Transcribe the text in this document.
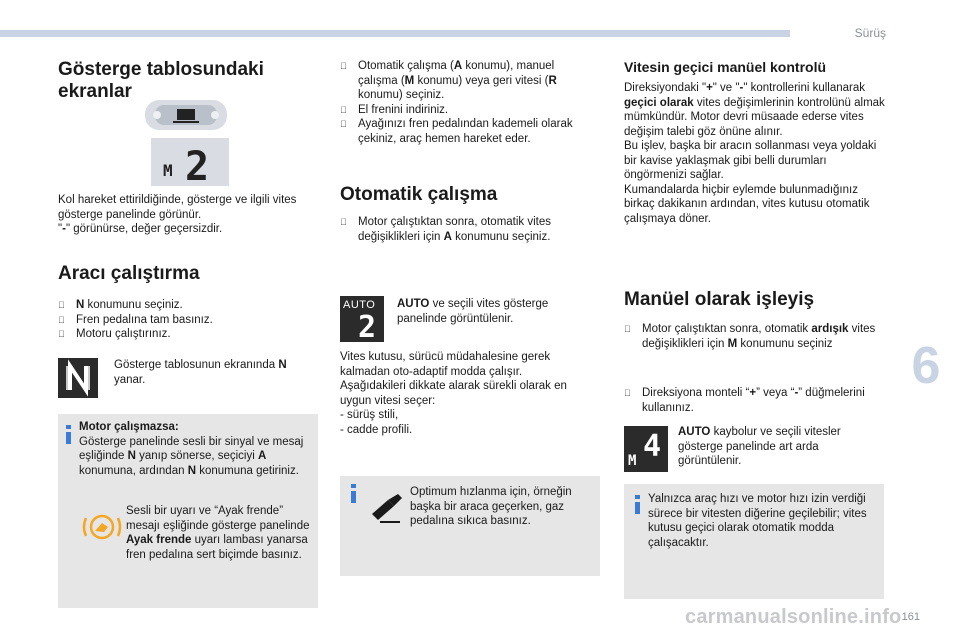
Sürüş
6
Gösterge tablosundaki
ekranlar
M 2
Kol hareket ettirildiğinde, gösterge ve ilgili vites gösterge panelinde görünür.
"-" görünürse, değer geçersizdir.
Aracı çalıştırma
N konumunu seçiniz.
Fren pedalına tam basınız.
Motoru çalıştırınız.
Gösterge tablosunun ekranında N yanar.
Motor çalışmazsa:
Gösterge panelinde sesli bir sinyal ve mesaj eşliğinde N yanıp sönerse, seçiciyi A konumuna, ardından N konumuna getiriniz.
Sesli bir uyarı ve “Ayak frende” mesajı eşliğinde gösterge panelinde Ayak frende uyarı lambası yanarsa fren pedalına sert biçimde basınız.
Otomatik çalışma (A konumu), manuel çalışma (M konumu) veya geri vitesi (R konumu) seçiniz.
El frenini indiriniz.
Ayağınızı fren pedalından kademeli olarak çekiniz, araç hemen hareket eder.
Otomatik çalışma
Motor çalıştıktan sonra, otomatik vites değişiklikleri için A konumunu seçiniz.
AUTO
2
AUTO ve seçili vites gösterge panelinde görüntülenir.
Vites kutusu, sürücü müdahalesine gerek kalmadan oto-adaptif modda çalışır.
Aşağıdakileri dikkate alarak sürekli olarak en uygun vitesi seçer:
- sürüş stili,
- cadde profili.
Optimum hızlanma için, örneğin başka bir araca geçerken, gaz pedalına sıkıca basınız.
Vitesin geçici manüel kontrolü
Direksiyondaki "+" ve "-" kontrollerini kullanarak geçici olarak vites değişimlerinin kontrolünü almak mümkündür. Motor devri müsaade ederse vites değişim talebi göz önüne alınır.
Bu işlev, başka bir aracın sollanması veya yoldaki bir kavise yaklaşmak gibi belli durumları öngörmenizi sağlar.
Kumandalarda hiçbir eylemde bulunmadığınız birkaç dakikanın ardından, vites kutusu otomatik çalışmaya döner.
Manüel olarak işleyiş
Motor çalıştıktan sonra, otomatik ardışık vites değişiklikleri için M konumunu seçiniz
Direksiyona monteli “+” veya “-” düğmelerini kullanınız.
M 4 AUTO kaybolur ve seçili vitesler gösterge panelinde art arda görüntülenir.
Yalnızca araç hızı ve motor hızı izin verdiği sürece bir vitesten diğerine geçilebilir; vites kutusu geçici olarak otomatik modda çalışacaktır.
carmanualsonline.info 161
